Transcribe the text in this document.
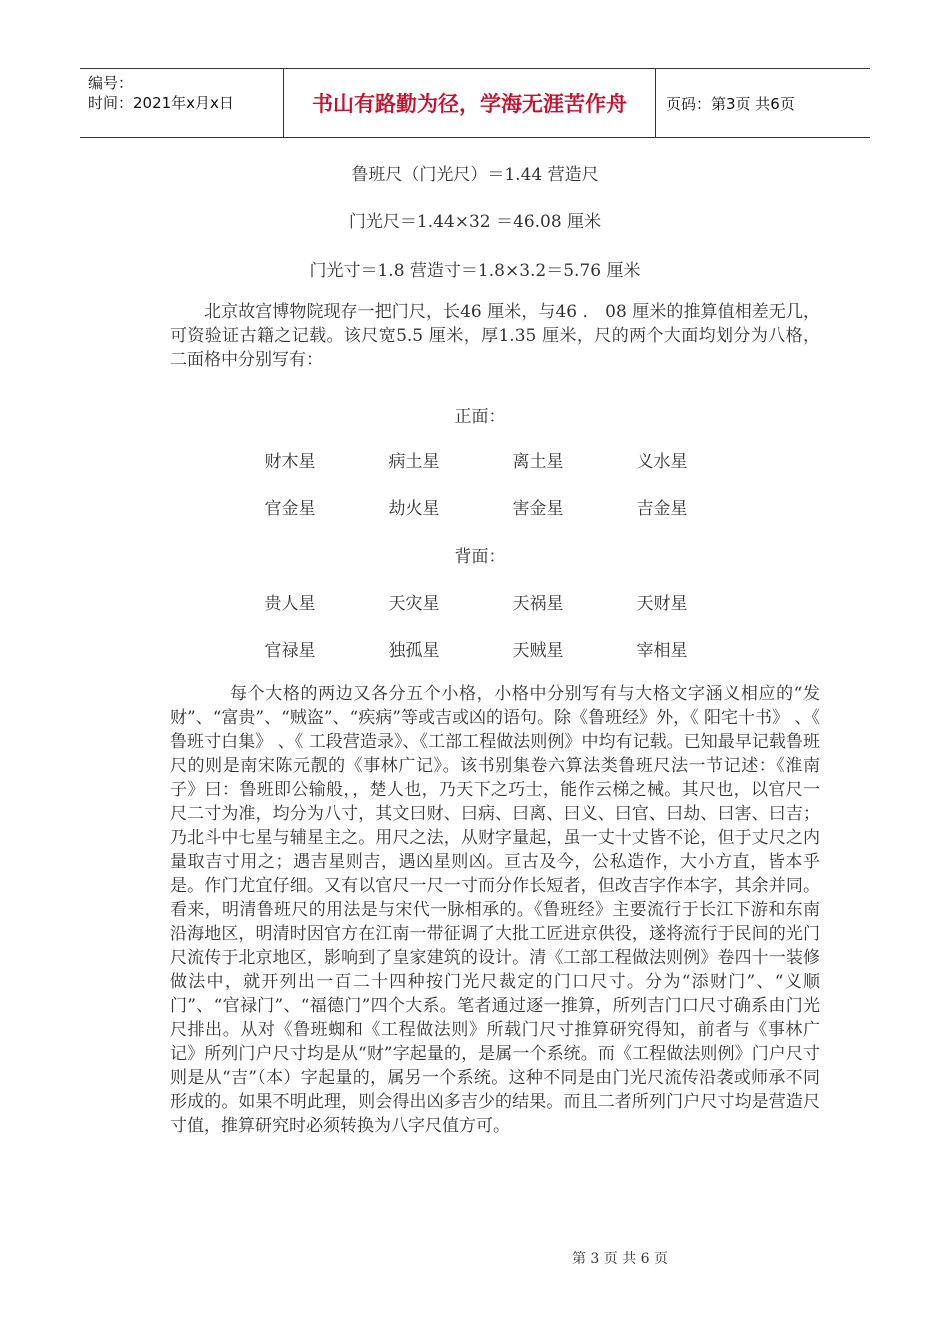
编号：
时间：2021年x月x日	书山有路勤为径，学海无涯苦作舟	页码：第3页 共6页
鲁班尺（门光尺）＝1.44 营造尺
门光尺＝1.44×32 ＝46.08 厘米
门光寸＝1.8 营造寸＝1.8×3.2＝5.76 厘米

北京故宫博物院现存一把门尺，长46 厘米，与46 ． 08 厘米的推算值相差无几，可资验证古籍之记载。该尺宽5.5 厘米，厚1.35 厘米，尺的两个大面均划分为八格，二面格中分别写有：

正面：
财木星	病土星	离土星	义水星
官金星	劫火星	害金星	吉金星
背面：
贵人星	天灾星	天祸星	天财星
官禄星	独孤星	天贼星	宰相星

每个大格的两边又各分五个小格，小格中分别写有与大格文字涵义相应的“发财”、“富贵”、“贼盗”、“疾病”等或吉或凶的语句。除《鲁班经》外，《 阳宅十书》 、《 鲁班寸白集》 、《 工段营造录》、《工部工程做法则例》中均有记载。已知最早记载鲁班尺的则是南宋陈元靓的《事林广记》。该书别集卷六算法类鲁班尺法一节记述：《淮南子》曰：鲁班即公输般，，楚人也，乃天下之巧士，能作云梯之械。其尺也，以官尺一尺二寸为准，均分为八寸，其文曰财、曰病、曰离、曰义、曰官、曰劫、曰害、曰吉；乃北斗中七星与辅星主之。用尺之法，从财字量起，虽一丈十丈皆不论，但于丈尺之内量取吉寸用之；遇吉星则吉，遇凶星则凶。亘古及今，公私造作，大小方直，皆本乎是。作门尤宜仔细。又有以官尺一尺一寸而分作长短者，但改吉字作本字，其余并同。看来，明清鲁班尺的用法是与宋代一脉相承的。《鲁班经》主要流行于长江下游和东南沿海地区，明清时因官方在江南一带征调了大批工匠进京供役，遂将流行于民间的光门尺流传于北京地区，影响到了皇家建筑的设计。清《工部工程做法则例》卷四十一装修做法中，就开列出一百二十四种按门光尺裁定的门口尺寸。分为“添财门”、“义顺门”、“官禄门”、“福德门”四个大系。笔者通过逐一推算，所列吉门口尺寸确系由门光尺排出。从对《鲁班蜘和《工程做法则》所载门尺寸推算研究得知，前者与《事林广记》所列门户尺寸均是从“财”字起量的，是属一个系统。而《工程做法则例》门户尺寸则是从“吉”（本）字起量的，属另一个系统。这种不同是由门光尺流传沿袭或师承不同形成的。如果不明此理，则会得出凶多吉少的结果。而且二者所列门户尺寸均是营造尺寸值，推算研究时必须转换为八字尺值方可。

第 3 页 共 6 页
